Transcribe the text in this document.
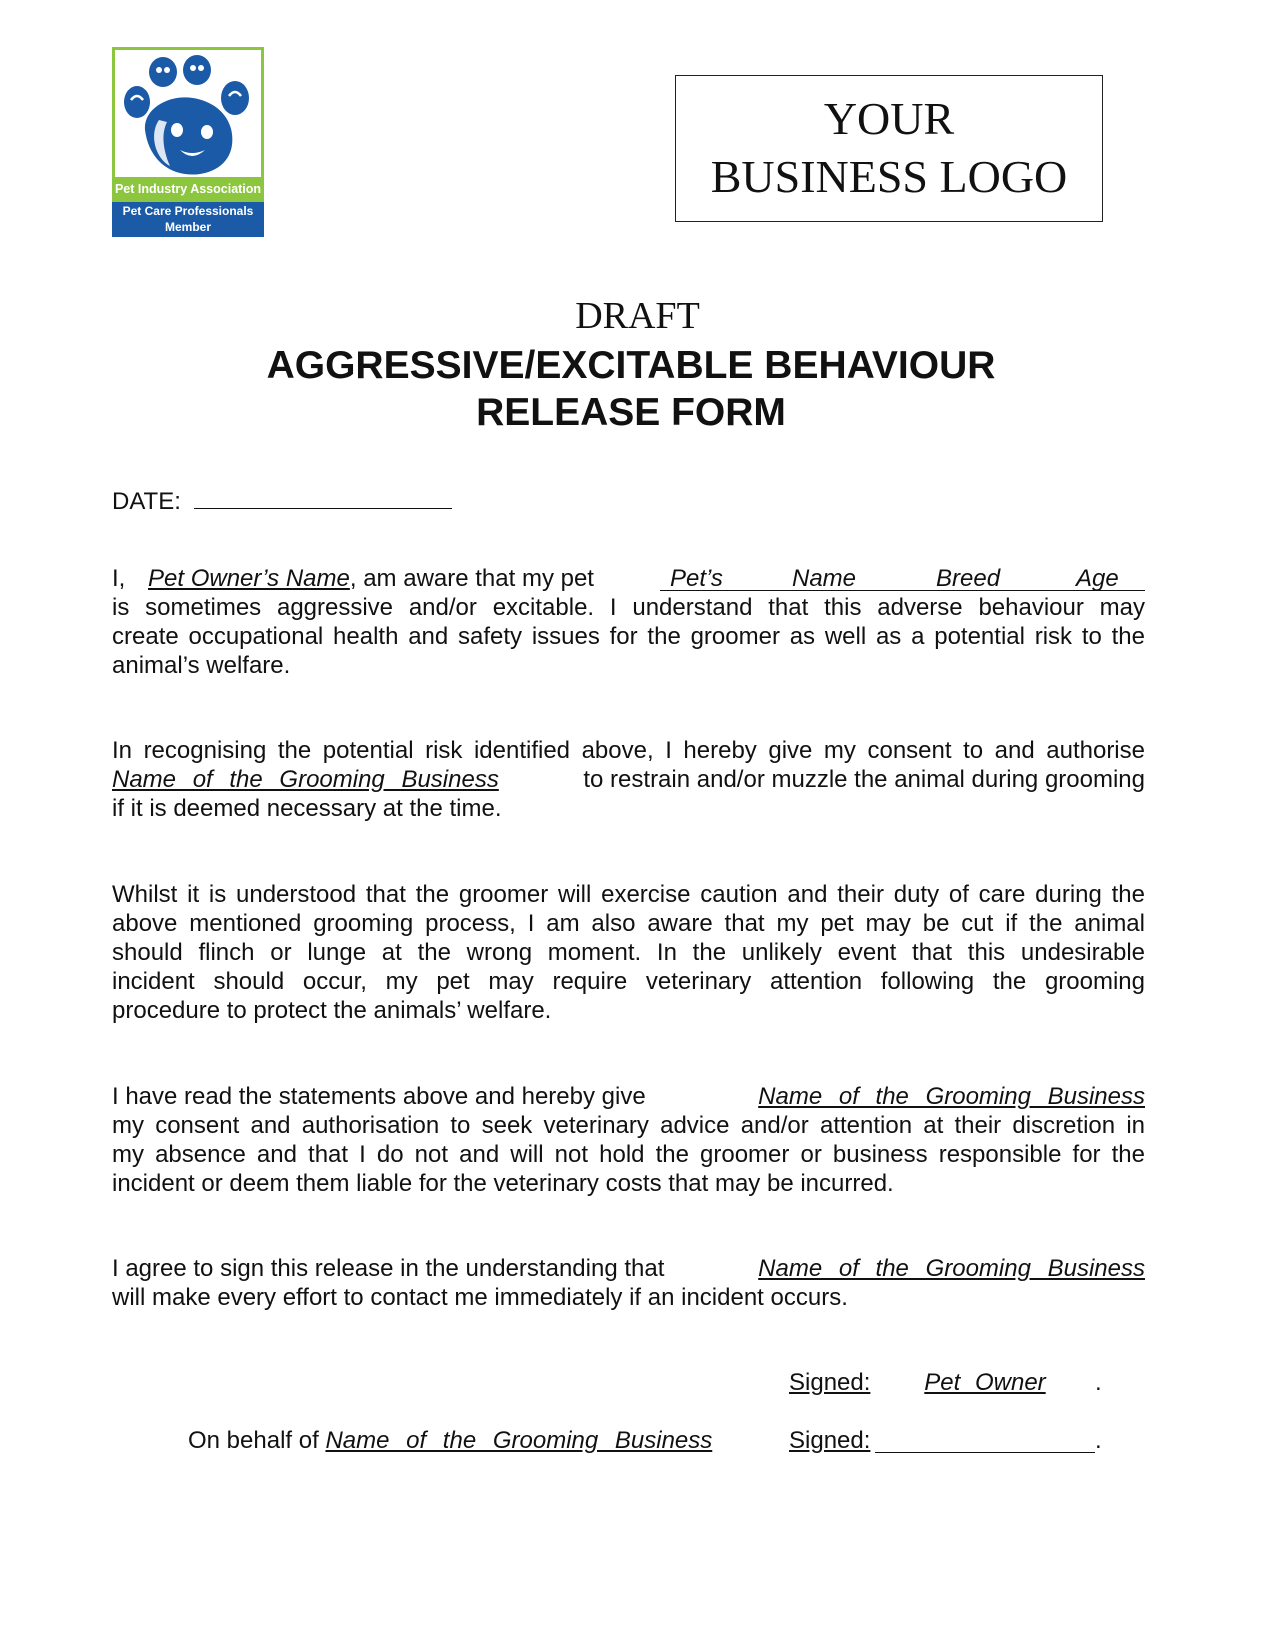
Pet Industry Association
Pet Care Professionals
Member
YOUR
BUSINESS LOGO
DRAFT
AGGRESSIVE/EXCITABLE BEHAVIOUR
RELEASE FORM
DATE:
I, Pet Owner’s Name, am aware that my pet	Pet’s	Name	Breed	Age
is sometimes aggressive and/or excitable. I understand that this adverse behaviour may
create occupational health and safety issues for the groomer as well as a potential risk to the
animal’s welfare.
In recognising the potential risk identified above, I hereby give my consent to and authorise
Name of the Grooming Business	to restrain and/or muzzle the animal during grooming
if it is deemed necessary at the time.
Whilst it is understood that the groomer will exercise caution and their duty of care during the
above mentioned grooming process, I am also aware that my pet may be cut if the animal
should flinch or lunge at the wrong moment. In the unlikely event that this undesirable
incident should occur, my pet may require veterinary attention following the grooming
procedure to protect the animals’ welfare.
I have read the statements above and hereby give	Name of the Grooming Business
my consent and authorisation to seek veterinary advice and/or attention at their discretion in
my absence and that I do not and will not hold the groomer or business responsible for the
incident or deem them liable for the veterinary costs that may be incurred.
I agree to sign this release in the understanding that	Name of the Grooming Business
will make every effort to contact me immediately if an incident occurs.
Signed:	Pet Owner	.
On behalf of Name of the Grooming Business	Signed:	.
